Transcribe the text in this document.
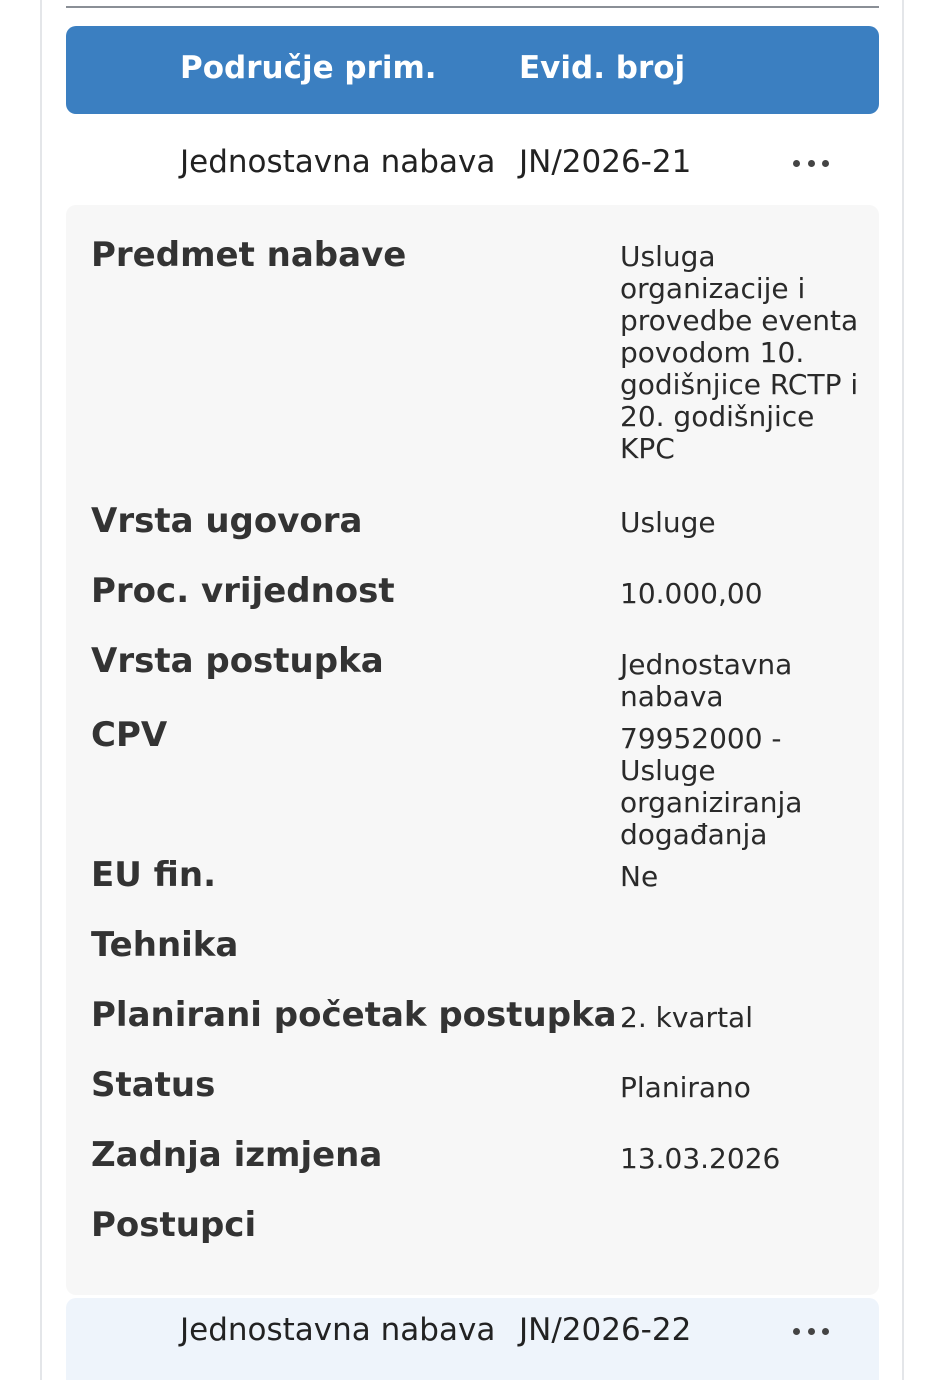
Područje prim.	Evid. broj
Jednostavna nabava JN/2026-21
Predmet nabave	Usluga organizacije i provedbe eventa povodom 10. godišnjice RCTP i 20. godišnjice KPC
Vrsta ugovora	Usluge
Proc. vrijednost	10.000,00
Vrsta postupka	Jednostavna nabava
CPV	79952000 - Usluge organiziranja događanja
EU fin.	Ne
Tehnika
Planirani početak postupka 2. kvartal
Status	Planirano
Zadnja izmjena	13.03.2026
Postupci
Jednostavna nabava JN/2026-22
